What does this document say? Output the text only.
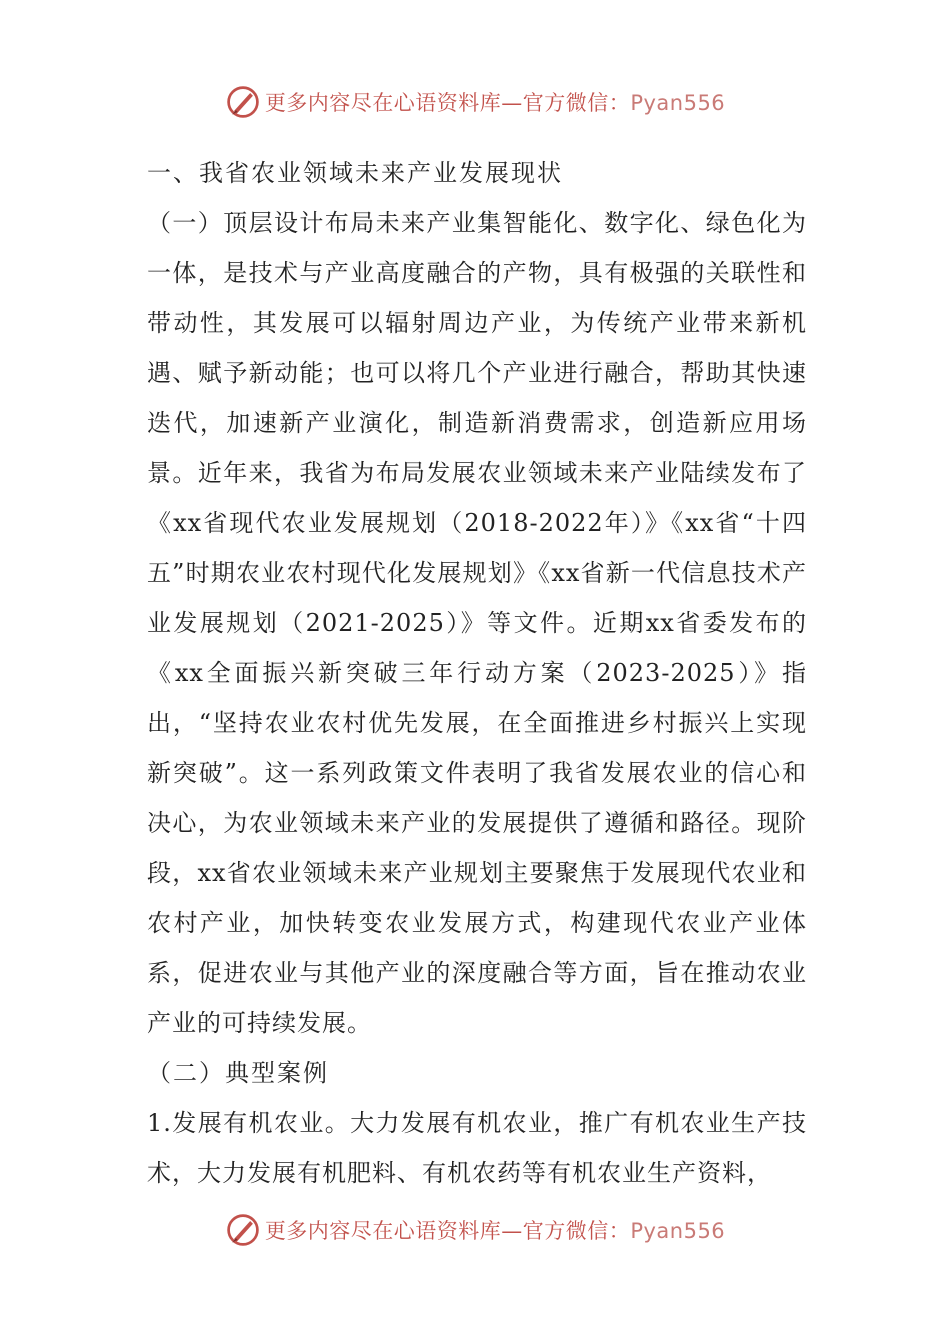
更多内容尽在心语资料库—官方微信：Pyan556

一、我省农业领域未来产业发展现状

（一）顶层设计布局未来产业集智能化、数字化、绿色化为一体，是技术与产业高度融合的产物，具有极强的关联性和带动性，其发展可以辐射周边产业，为传统产业带来新机遇、赋予新动能；也可以将几个产业进行融合，帮助其快速迭代，加速新产业演化，制造新消费需求，创造新应用场景。近年来，我省为布局发展农业领域未来产业陆续发布了《xx省现代农业发展规划（2018-2022年）》《xx省“十四五”时期农业农村现代化发展规划》《xx省新一代信息技术产业发展规划（2021-2025）》等文件。近期xx省委发布的《xx全面振兴新突破三年行动方案（2023-2025）》指出，“坚持农业农村优先发展，在全面推进乡村振兴上实现新突破”。这一系列政策文件表明了我省发展农业的信心和决心，为农业领域未来产业的发展提供了遵循和路径。现阶段，xx省农业领域未来产业规划主要聚焦于发展现代农业和农村产业，加快转变农业发展方式，构建现代农业产业体系，促进农业与其他产业的深度融合等方面，旨在推动农业产业的可持续发展。

（二）典型案例

1.发展有机农业。大力发展有机农业，推广有机农业生产技术，大力发展有机肥料、有机农药等有机农业生产资料，

更多内容尽在心语资料库—官方微信：Pyan556
